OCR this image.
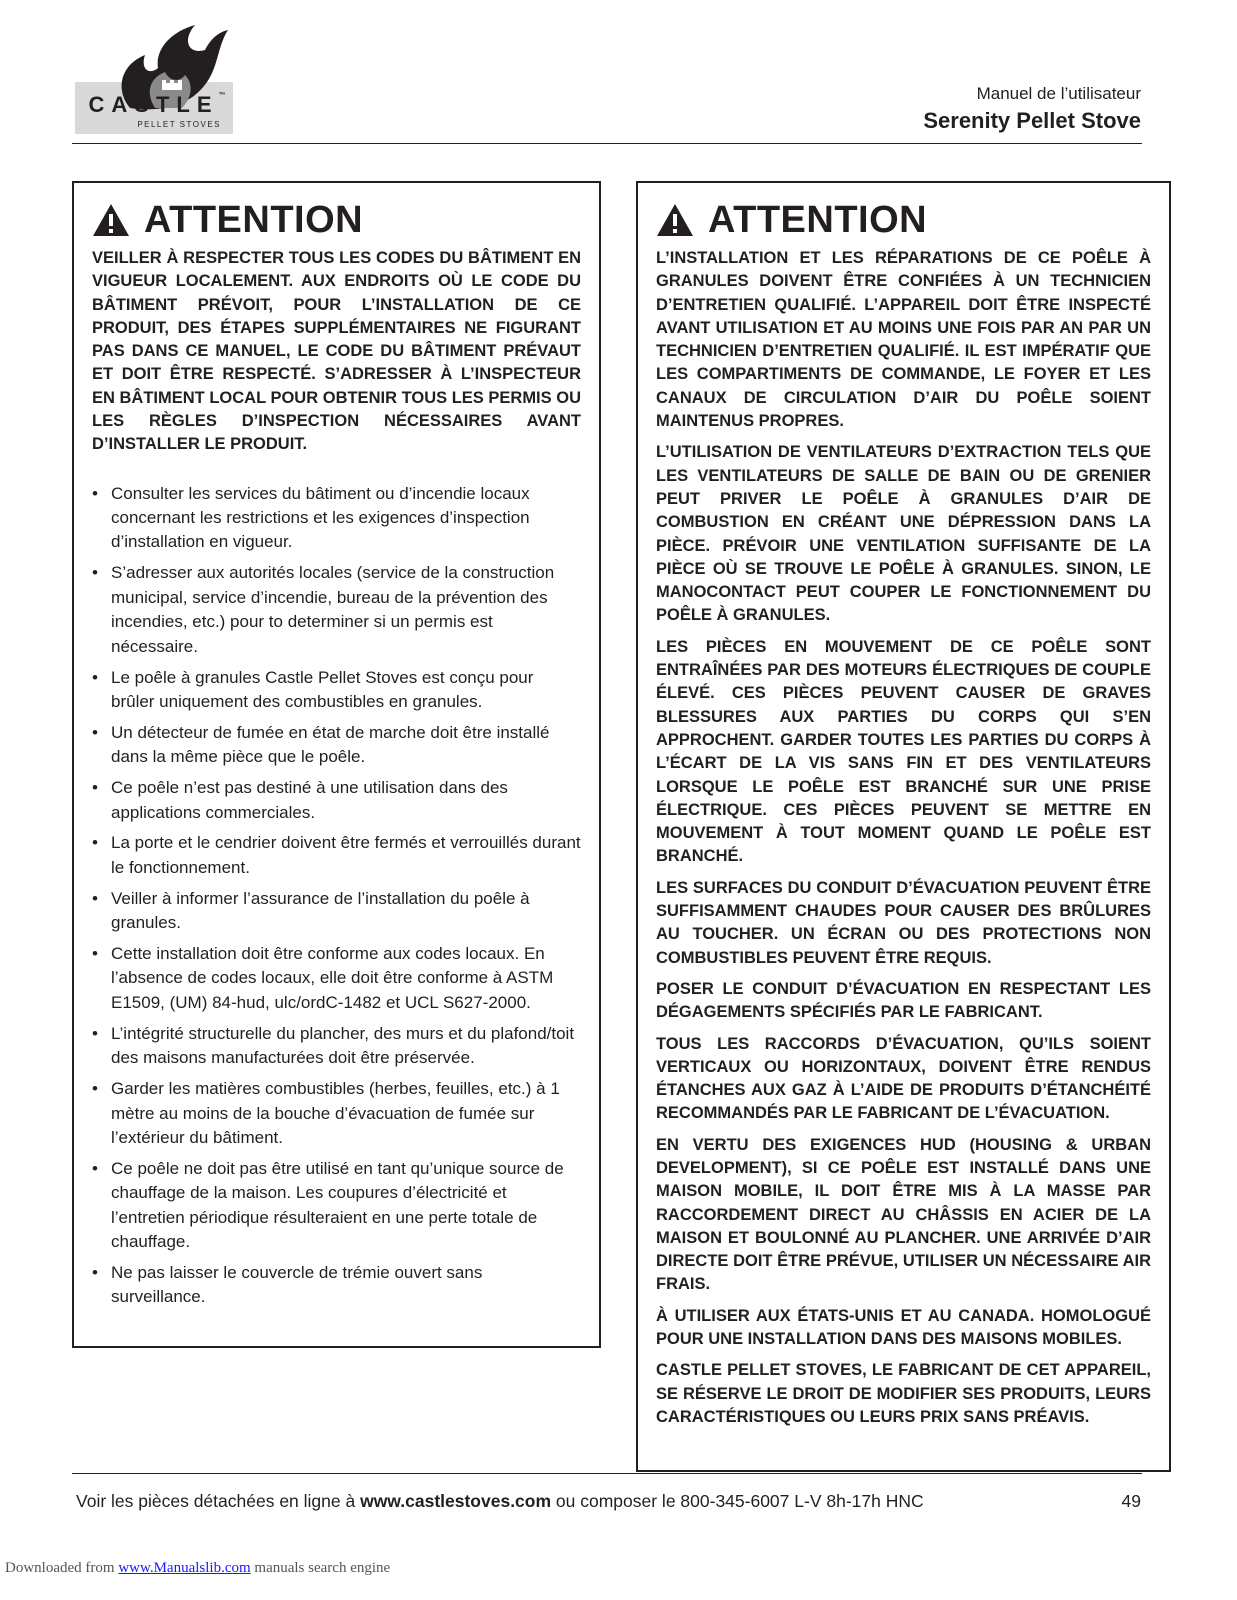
CASTLE™
PELLET STOVES
Manuel de l’utilisateur
Serenity Pellet Stove
ATTENTION

VEILLER À RESPECTER TOUS LES CODES DU BÂTIMENT EN VIGUEUR LOCALEMENT. AUX ENDROITS OÙ LE CODE DU BÂTIMENT PRÉVOIT, POUR L’INSTALLATION DE CE PRODUIT, DES ÉTAPES SUPPLÉMENTAIRES NE FIGURANT PAS DANS CE MANUEL, LE CODE DU BÂTIMENT PRÉVAUT ET DOIT ÊTRE RESPECTÉ. S’ADRESSER À L’INSPECTEUR EN BÂTIMENT LOCAL POUR OBTENIR TOUS LES PERMIS OU LES RÈGLES D’INSPECTION NÉCESSAIRES AVANT D’INSTALLER LE PRODUIT.

• Consulter les services du bâtiment ou d’incendie locaux concernant les restrictions et les exigences d’inspection d’installation en vigueur.
• S’adresser aux autorités locales (service de la construction municipal, service d’incendie, bureau de la prévention des incendies, etc.) pour to determiner si un permis est nécessaire.
• Le poêle à granules Castle Pellet Stoves est conçu pour brûler uniquement des combustibles en granules.
• Un détecteur de fumée en état de marche doit être installé dans la même pièce que le poêle.
• Ce poêle n’est pas destiné à une utilisation dans des applications commerciales.
• La porte et le cendrier doivent être fermés et verrouillés durant le fonctionnement.
• Veiller à informer l’assurance de l’installation du poêle à granules.
• Cette installation doit être conforme aux codes locaux. En l’absence de codes locaux, elle doit être conforme à ASTM E1509, (UM) 84-hud, ulc/ordC-1482 et UCL S627-2000.
• L’intégrité structurelle du plancher, des murs et du plafond/toit des maisons manufacturées doit être préservée.
• Garder les matières combustibles (herbes, feuilles, etc.) à 1 mètre au moins de la bouche d’évacuation de fumée sur l’extérieur du bâtiment.
• Ce poêle ne doit pas être utilisé en tant qu’unique source de chauffage de la maison. Les coupures d’électricité et l’entretien périodique résulteraient en une perte totale de chauffage.
• Ne pas laisser le couvercle de trémie ouvert sans surveillance.
ATTENTION

L’INSTALLATION ET LES RÉPARATIONS DE CE POÊLE À GRANULES DOIVENT ÊTRE CONFIÉES À UN TECHNICIEN D’ENTRETIEN QUALIFIÉ. L’APPAREIL DOIT ÊTRE INSPECTÉ AVANT UTILISATION ET AU MOINS UNE FOIS PAR AN PAR UN TECHNICIEN D’ENTRETIEN QUALIFIÉ. IL EST IMPÉRATIF QUE LES COMPARTIMENTS DE COMMANDE, LE FOYER ET LES CANAUX DE CIRCULATION D’AIR DU POÊLE SOIENT MAINTENUS PROPRES.

L’UTILISATION DE VENTILATEURS D’EXTRACTION TELS QUE LES VENTILATEURS DE SALLE DE BAIN OU DE GRENIER PEUT PRIVER LE POÊLE À GRANULES D’AIR DE COMBUSTION EN CRÉANT UNE DÉPRESSION DANS LA PIÈCE. PRÉVOIR UNE VENTILATION SUFFISANTE DE LA PIÈCE OÙ SE TROUVE LE POÊLE À GRANULES. SINON, LE MANOCONTACT PEUT COUPER LE FONCTIONNEMENT DU POÊLE À GRANULES.

LES PIÈCES EN MOUVEMENT DE CE POÊLE SONT ENTRAÎNÉES PAR DES MOTEURS ÉLECTRIQUES DE COUPLE ÉLEVÉ. CES PIÈCES PEUVENT CAUSER DE GRAVES BLESSURES AUX PARTIES DU CORPS QUI S’EN APPROCHENT. GARDER TOUTES LES PARTIES DU CORPS À L’ÉCART DE LA VIS SANS FIN ET DES VENTILATEURS LORSQUE LE POÊLE EST BRANCHÉ SUR UNE PRISE ÉLECTRIQUE. CES PIÈCES PEUVENT SE METTRE EN MOUVEMENT À TOUT MOMENT QUAND LE POÊLE EST BRANCHÉ.

LES SURFACES DU CONDUIT D’ÉVACUATION PEUVENT ÊTRE SUFFISAMMENT CHAUDES POUR CAUSER DES BRÛLURES AU TOUCHER. UN ÉCRAN OU DES PROTECTIONS NON COMBUSTIBLES PEUVENT ÊTRE REQUIS.

POSER LE CONDUIT D’ÉVACUATION EN RESPECTANT LES DÉGAGEMENTS SPÉCIFIÉS PAR LE FABRICANT.

TOUS LES RACCORDS D’ÉVACUATION, QU’ILS SOIENT VERTICAUX OU HORIZONTAUX, DOIVENT ÊTRE RENDUS ÉTANCHES AUX GAZ À L’AIDE DE PRODUITS D’ÉTANCHÉITÉ RECOMMANDÉS PAR LE FABRICANT DE L’ÉVACUATION.

EN VERTU DES EXIGENCES HUD (HOUSING & URBAN DEVELOPMENT), SI CE POÊLE EST INSTALLÉ DANS UNE MAISON MOBILE, IL DOIT ÊTRE MIS À LA MASSE PAR RACCORDEMENT DIRECT AU CHÂSSIS EN ACIER DE LA MAISON ET BOULONNÉ AU PLANCHER. UNE ARRIVÉE D’AIR DIRECTE DOIT ÊTRE PRÉVUE, UTILISER UN NÉCESSAIRE AIR FRAIS.

À UTILISER AUX ÉTATS-UNIS ET AU CANADA. HOMOLOGUÉ POUR UNE INSTALLATION DANS DES MAISONS MOBILES.

CASTLE PELLET STOVES, LE FABRICANT DE CET APPAREIL, SE RÉSERVE LE DROIT DE MODIFIER SES PRODUITS, LEURS CARACTÉRISTIQUES OU LEURS PRIX SANS PRÉAVIS.

Voir les pièces détachées en ligne à www.castlestoves.com ou composer le 800-345-6007 L-V 8h-17h HNC	49
Downloaded from www.Manualslib.com manuals search engine
